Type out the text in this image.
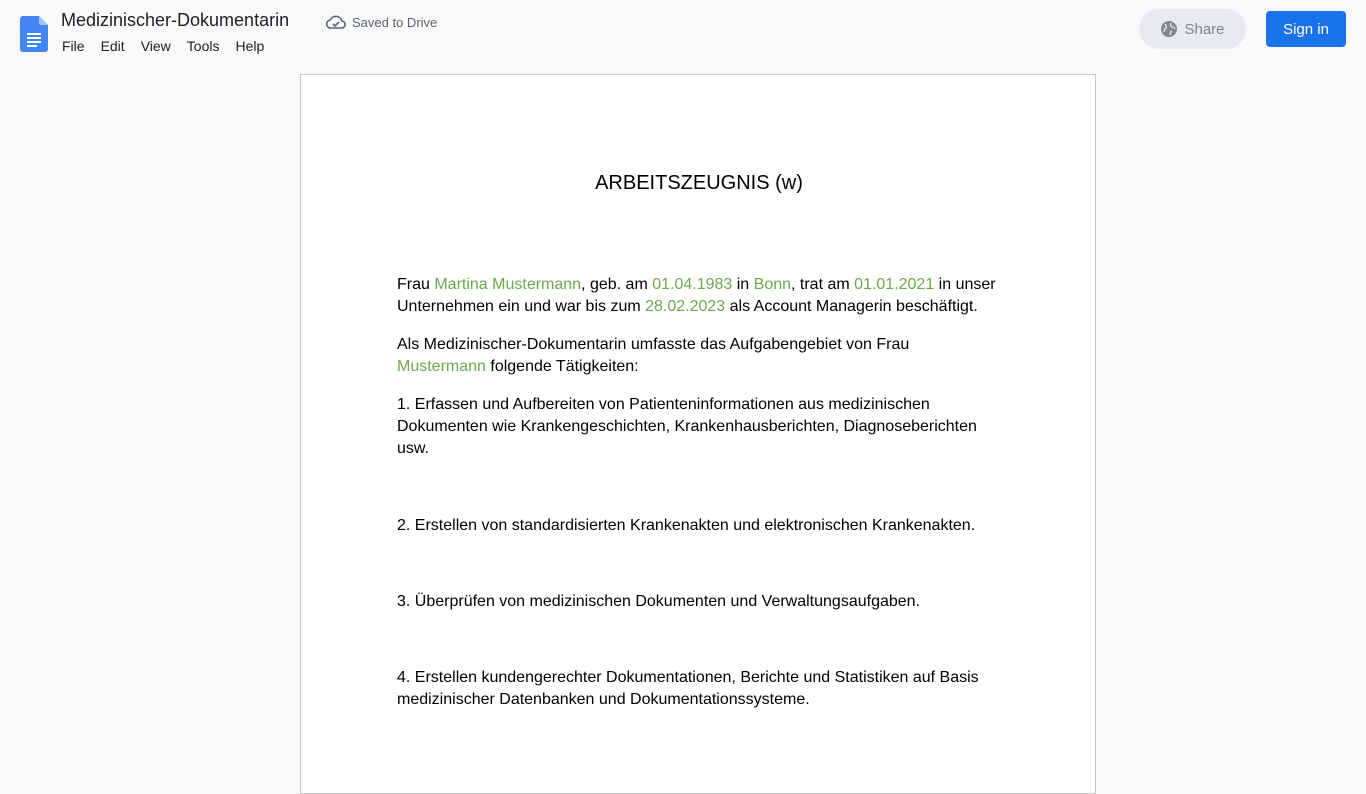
Medizinischer-Dokumentarin	Saved to Drive
File	Edit	View	Tools	Help
Share	Sign in
ARBEITSZEUGNIS (w)
Frau Martina Mustermann, geb. am 01.04.1983 in Bonn, trat am 01.01.2021 in unser Unternehmen ein und war bis zum 28.02.2023 als Account Managerin beschäftigt.
Als Medizinischer-Dokumentarin umfasste das Aufgabengebiet von Frau Mustermann folgende Tätigkeiten:
1. Erfassen und Aufbereiten von Patienteninformationen aus medizinischen Dokumenten wie Krankengeschichten, Krankenhausberichten, Diagnoseberichten usw.
2. Erstellen von standardisierten Krankenakten und elektronischen Krankenakten.
3. Überprüfen von medizinischen Dokumenten und Verwaltungsaufgaben.
4. Erstellen kundengerechter Dokumentationen, Berichte und Statistiken auf Basis medizinischer Datenbanken und Dokumentationssysteme.
